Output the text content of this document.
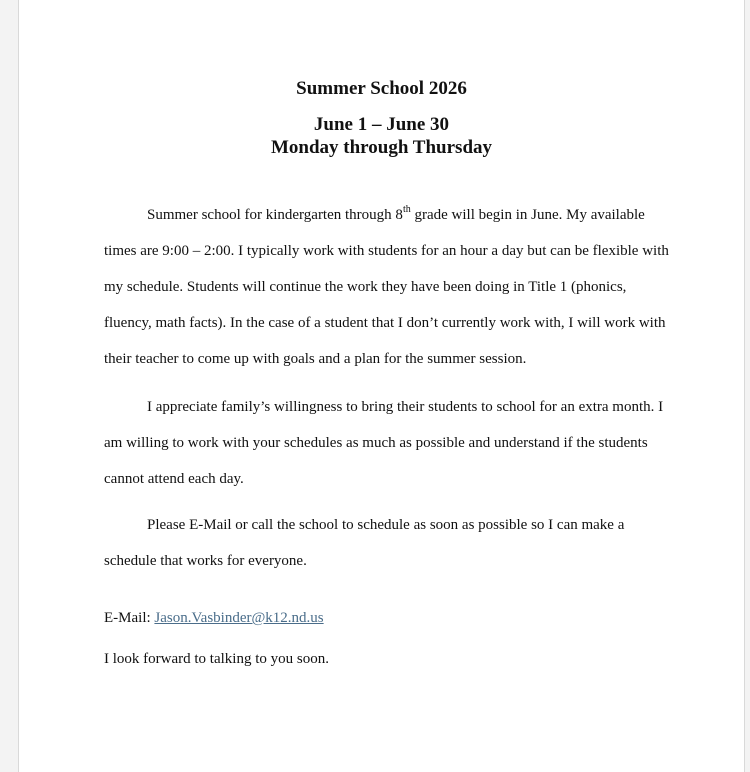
Summer School 2026
June 1 – June 30
Monday through Thursday

Summer school for kindergarten through 8th grade will begin in June. My available times are 9:00 – 2:00. I typically work with students for an hour a day but can be flexible with my schedule. Students will continue the work they have been doing in Title 1 (phonics, fluency, math facts). In the case of a student that I don’t currently work with, I will work with their teacher to come up with goals and a plan for the summer session.

I appreciate family’s willingness to bring their students to school for an extra month. I am willing to work with your schedules as much as possible and understand if the students cannot attend each day.

Please E-Mail or call the school to schedule as soon as possible so I can make a schedule that works for everyone.

E-Mail: Jason.Vasbinder@k12.nd.us

I look forward to talking to you soon.
